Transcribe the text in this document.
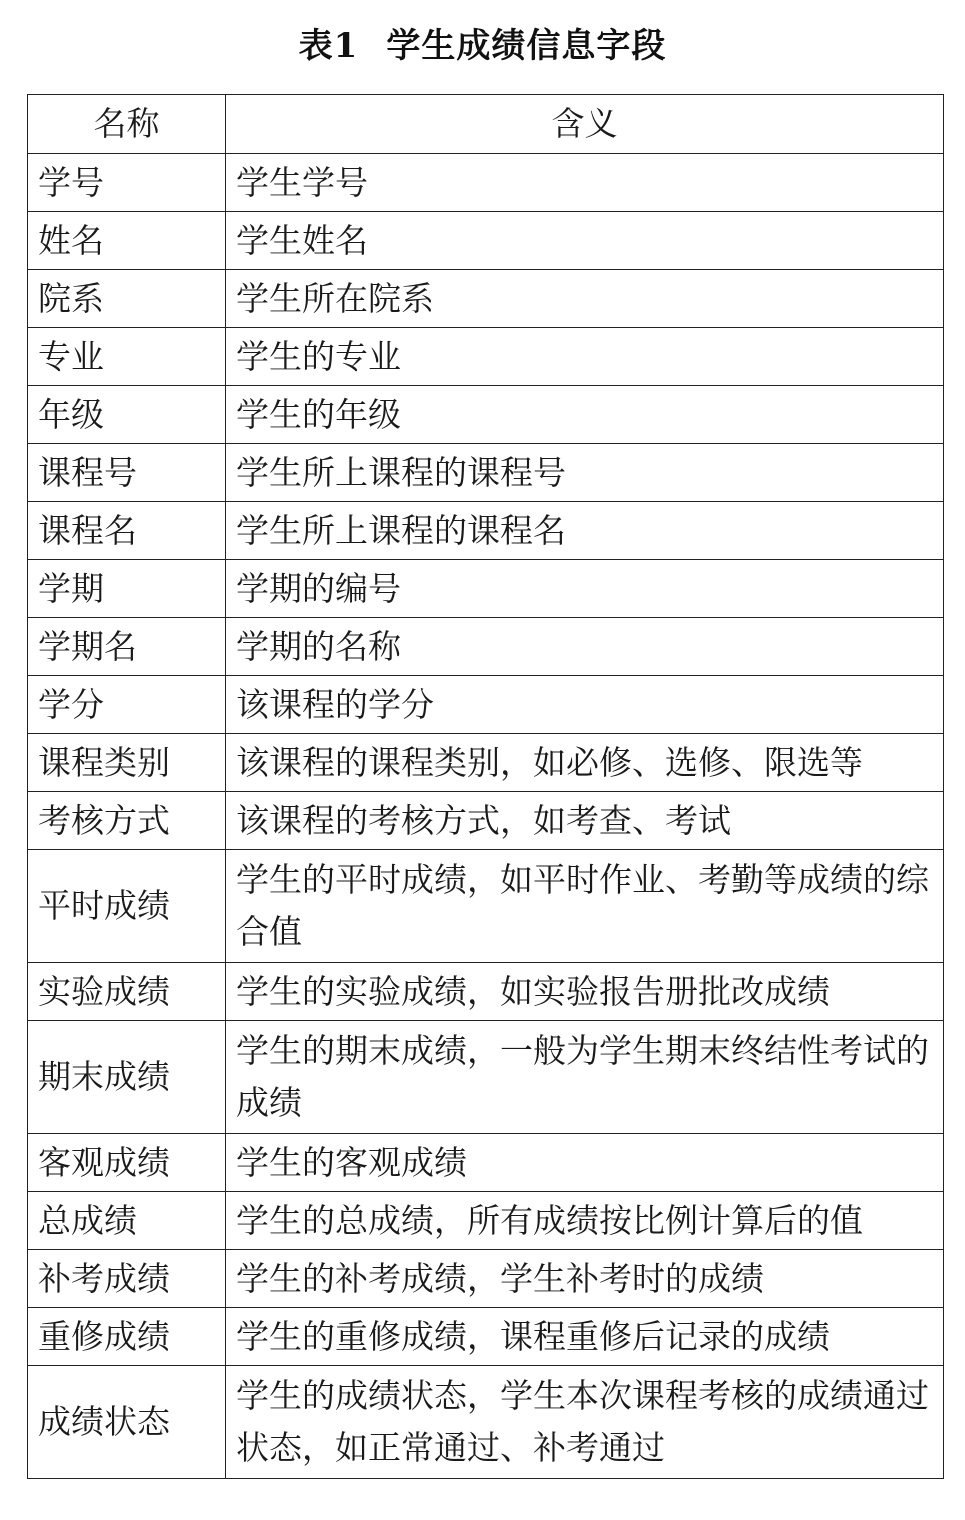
表1 学生成绩信息字段
名称	含义
学号	学生学号
姓名	学生姓名
院系	学生所在院系
专业	学生的专业
年级	学生的年级
课程号	学生所上课程的课程号
课程名	学生所上课程的课程名
学期	学期的编号
学期名	学期的名称
学分	该课程的学分
课程类别	该课程的课程类别，如必修、选修、限选等
考核方式	该课程的考核方式，如考查、考试
平时成绩	学生的平时成绩，如平时作业、考勤等成绩的综合值
实验成绩	学生的实验成绩，如实验报告册批改成绩
期末成绩	学生的期末成绩，一般为学生期末终结性考试的成绩
客观成绩	学生的客观成绩
总成绩	学生的总成绩，所有成绩按比例计算后的值
补考成绩	学生的补考成绩，学生补考时的成绩
重修成绩	学生的重修成绩，课程重修后记录的成绩
成绩状态	学生的成绩状态，学生本次课程考核的成绩通过状态，如正常通过、补考通过
